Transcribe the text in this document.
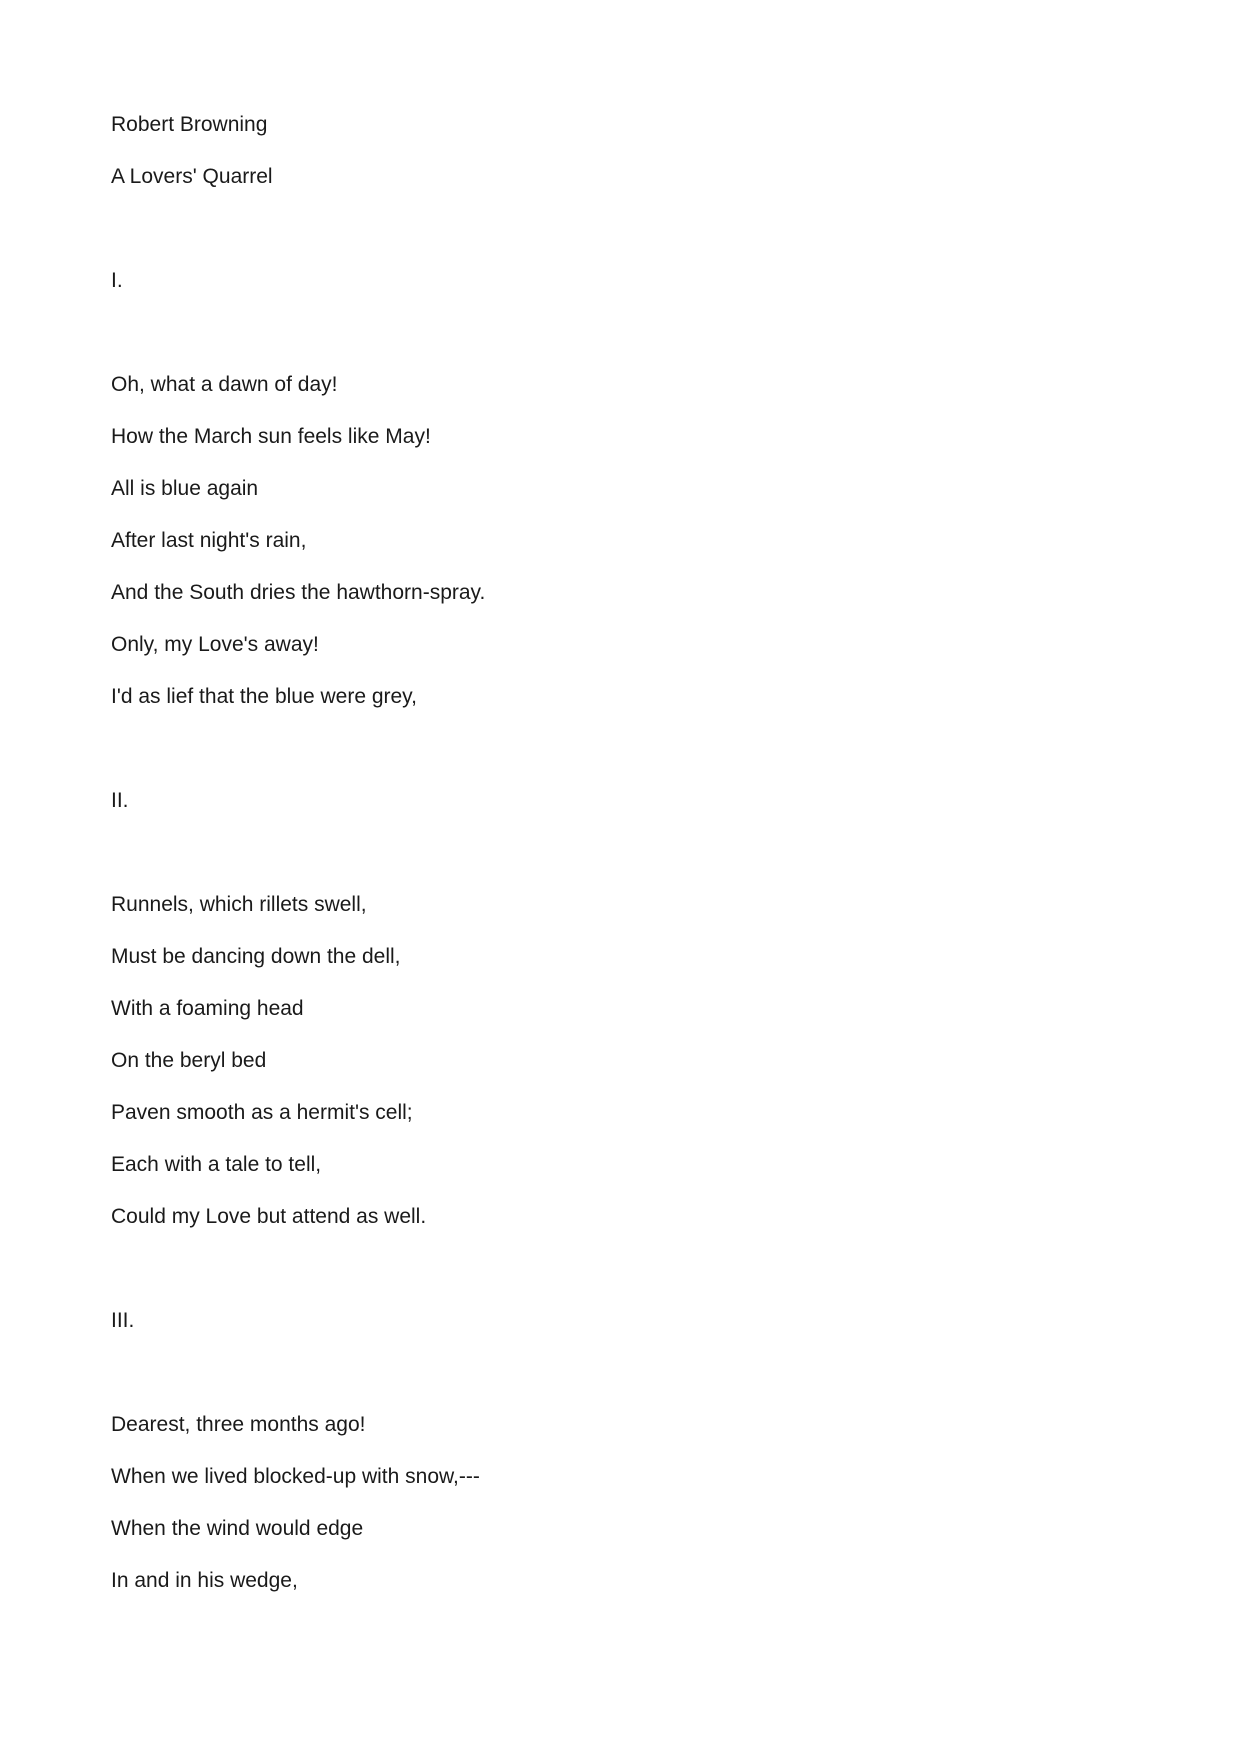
Robert Browning

A Lovers' Quarrel

I.

Oh, what a dawn of day!

How the March sun feels like May!

All is blue again

After last night's rain,

And the South dries the hawthorn-spray.

Only, my Love's away!

I'd as lief that the blue were grey,

II.

Runnels, which rillets swell,

Must be dancing down the dell,

With a foaming head

On the beryl bed

Paven smooth as a hermit's cell;

Each with a tale to tell,

Could my Love but attend as well.

III.

Dearest, three months ago!

When we lived blocked-up with snow,---

When the wind would edge

In and in his wedge,
